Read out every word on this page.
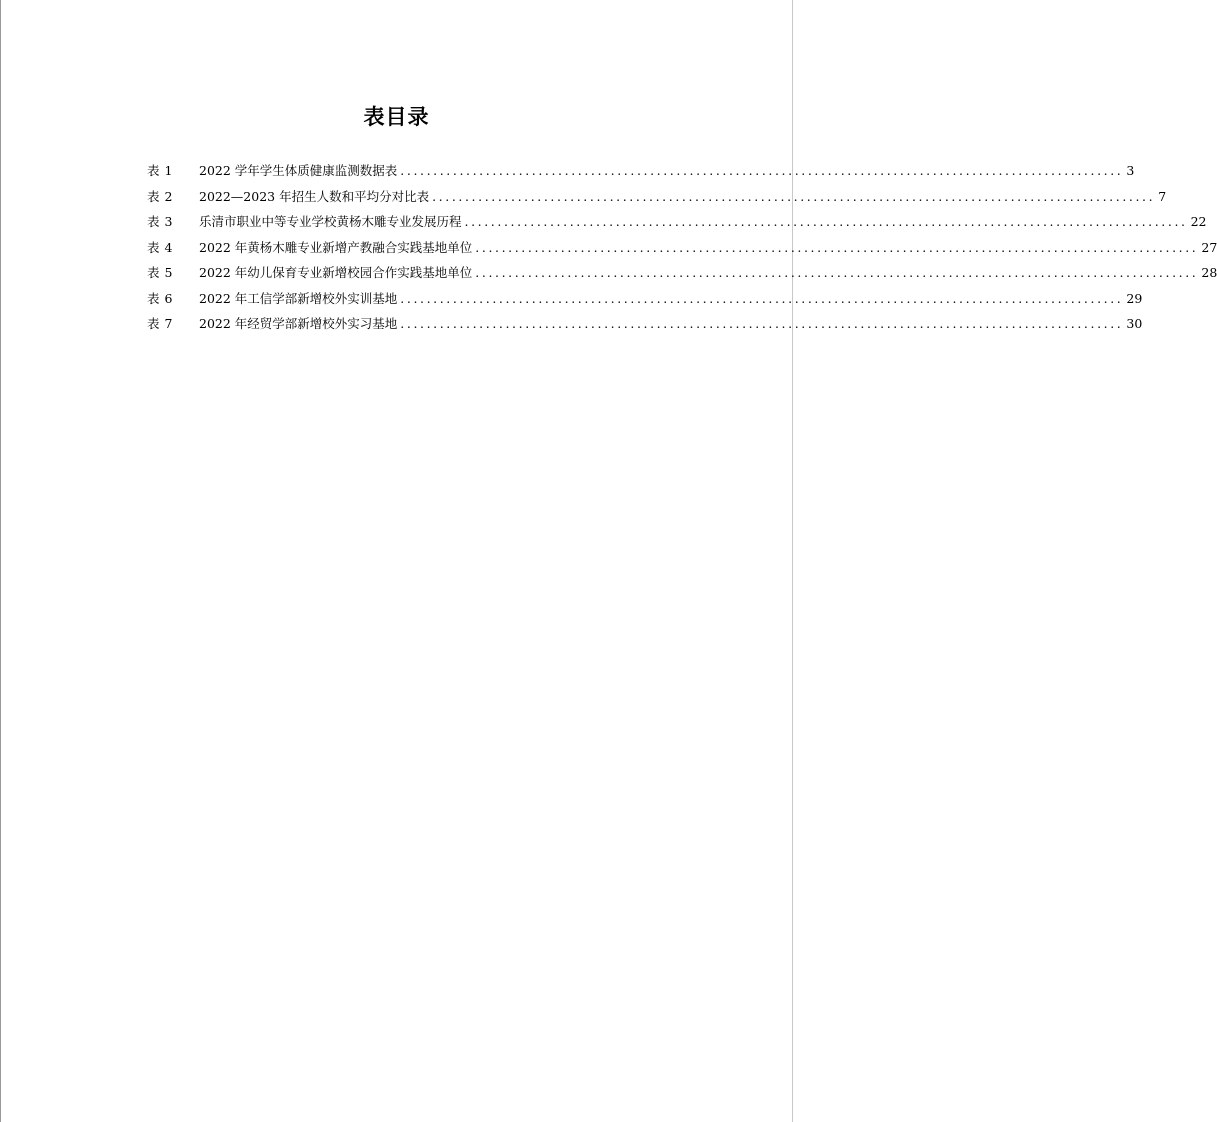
表目录
表 1	2022 学年学生体质健康监测数据表 .............................................................................................................. 3
表 2	2022—2023 年招生人数和平均分对比表 .............................................................................................................. 7
表 3	乐清市职业中等专业学校黄杨木雕专业发展历程 .............................................................................................................. 22
表 4	2022 年黄杨木雕专业新增产教融合实践基地单位 .............................................................................................................. 27
表 5	2022 年幼儿保育专业新增校园合作实践基地单位 .............................................................................................................. 28
表 6	2022 年工信学部新增校外实训基地 .............................................................................................................. 29
表 7	2022 年经贸学部新增校外实习基地 .............................................................................................................. 30
